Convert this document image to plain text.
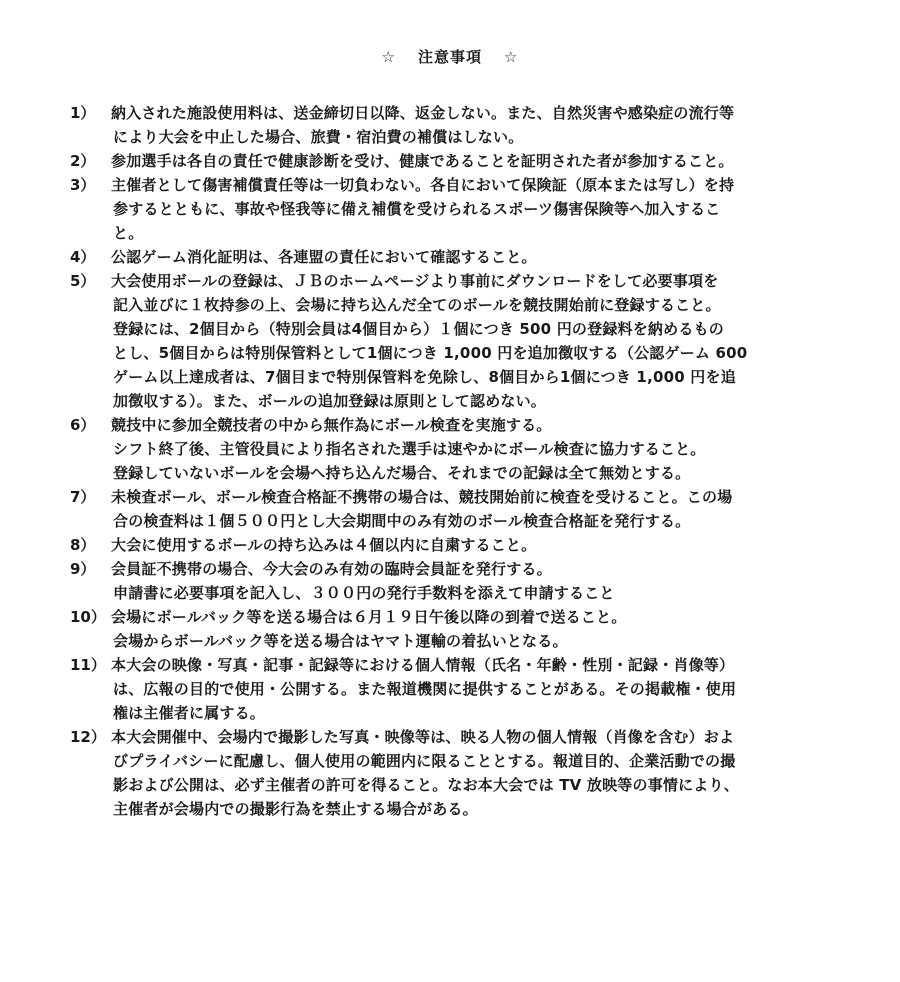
☆ 注意事項 ☆
1）	納入された施設使用料は、送金締切日以降、返金しない。また、自然災害や感染症の流行等
により大会を中止した場合、旅費・宿泊費の補償はしない。
2）	参加選手は各自の責任で健康診断を受け、健康であることを証明された者が参加すること。
3）	主催者として傷害補償責任等は一切負わない。各自において保険証（原本または写し）を持
参するとともに、事故や怪我等に備え補償を受けられるスポーツ傷害保険等へ加入するこ
と。
4）	公認ゲーム消化証明は、各連盟の責任において確認すること。
5）	大会使用ボールの登録は、ＪＢのホームページより事前にダウンロードをして必要事項を
記入並びに１枚持参の上、会場に持ち込んだ全てのボールを競技開始前に登録すること。
登録には、2個目から（特別会員は4個目から）１個につき 500 円の登録料を納めるもの
とし、5個目からは特別保管料として1個につき 1,000 円を追加徴収する（公認ゲーム 600
ゲーム以上達成者は、7個目まで特別保管料を免除し、8個目から1個につき 1,000 円を追
加徴収する）。また、ボールの追加登録は原則として認めない。
6）	競技中に参加全競技者の中から無作為にボール検査を実施する。
シフト終了後、主管役員により指名された選手は速やかにボール検査に協力すること。
登録していないボールを会場へ持ち込んだ場合、それまでの記録は全て無効とする。
7）	未検査ボール、ボール検査合格証不携帯の場合は、競技開始前に検査を受けること。この場
合の検査料は１個５００円とし大会期間中のみ有効のボール検査合格証を発行する。
8）	大会に使用するボールの持ち込みは４個以内に自粛すること。
9）	会員証不携帯の場合、今大会のみ有効の臨時会員証を発行する。
申請書に必要事項を記入し、３００円の発行手数料を添えて申請すること
10） 会場にボールバック等を送る場合は６月１９日午後以降の到着で送ること。
会場からボールバック等を送る場合はヤマト運輸の着払いとなる。
11） 本大会の映像・写真・記事・記録等における個人情報（氏名・年齢・性別・記録・肖像等）
は、広報の目的で使用・公開する。また報道機関に提供することがある。その掲載権・使用
権は主催者に属する。
12） 本大会開催中、会場内で撮影した写真・映像等は、映る人物の個人情報（肖像を含む）およ
びプライバシーに配慮し、個人使用の範囲内に限ることとする。報道目的、企業活動での撮
影および公開は、必ず主催者の許可を得ること。なお本大会では TV 放映等の事情により、
主催者が会場内での撮影行為を禁止する場合がある。
